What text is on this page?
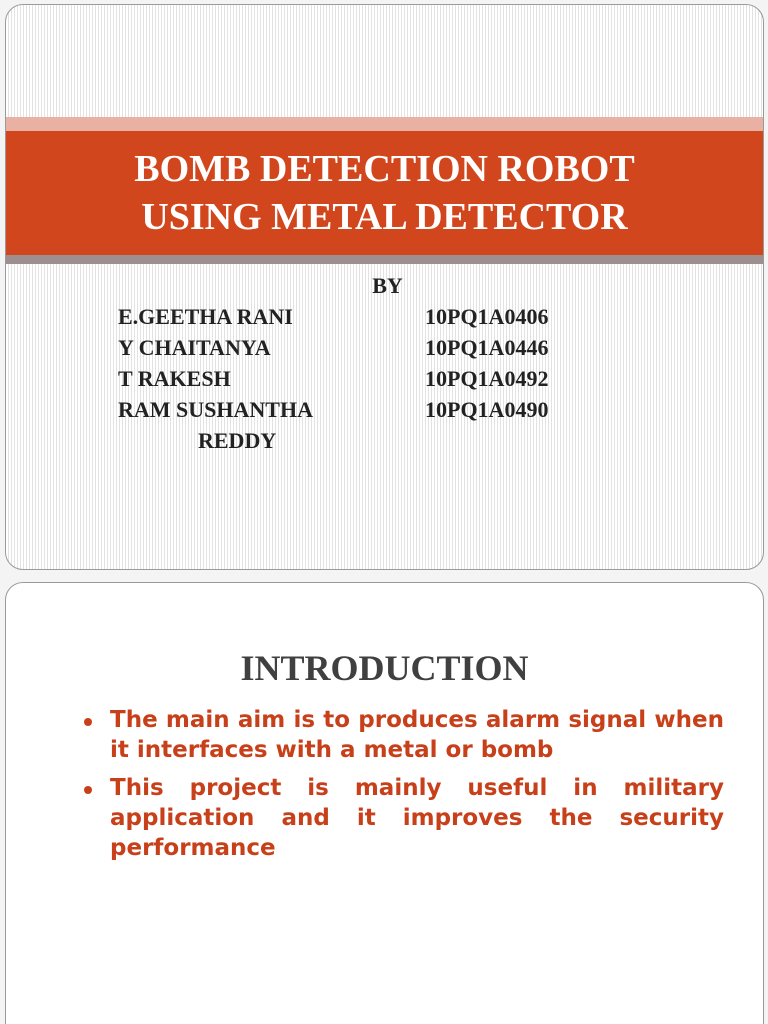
BOMB DETECTION ROBOT
USING METAL DETECTOR
BY
E.GEETHA RANI	10PQ1A0406
Y CHAITANYA	10PQ1A0446
T RAKESH	10PQ1A0492
RAM SUSHANTHA	10PQ1A0490
REDDY
INTRODUCTION
The main aim is to produces alarm signal when it interfaces with a metal or bomb
This project is mainly useful in military application and it improves the security performance
